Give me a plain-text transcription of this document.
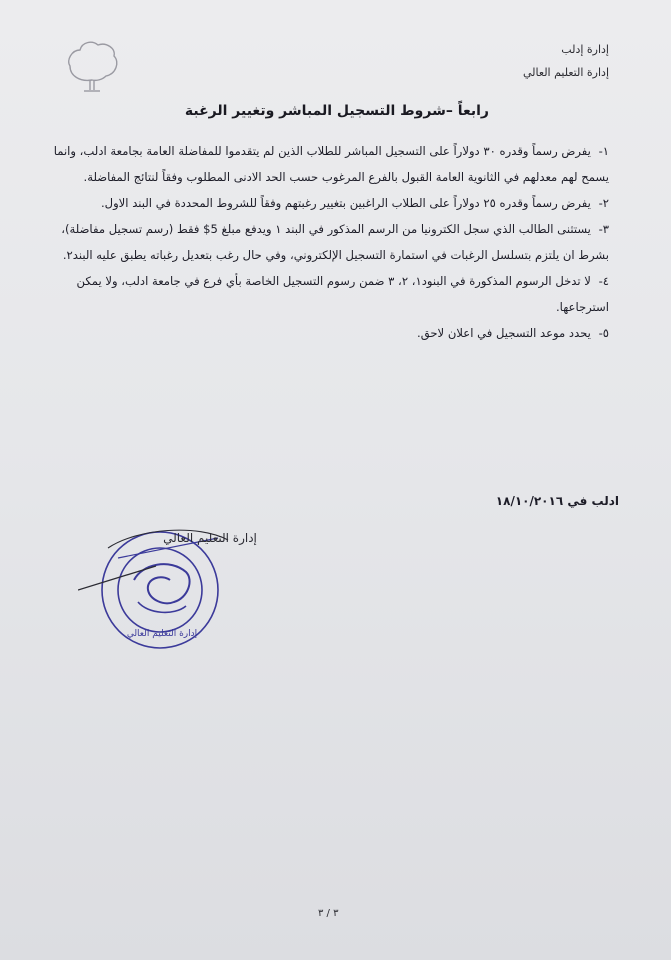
إدارة إدلب
إدارة التعليم العالي
رابعاً –شروط التسجيل المباشر وتغيير الرغبة

١- يفرض رسماً وقدره ٣٠ دولاراً على التسجيل المباشر للطلاب الذين لم يتقدموا للمفاضلة العامة بجامعة ادلب، وانما يسمح لهم معدلهم في الثانوية العامة القبول بالفرع المرغوب حسب الحد الادنى المطلوب وفقاً لنتائج المفاضلة.

٢- يفرض رسماً وقدره ٢٥ دولاراً على الطلاب الراغبين بتغيير رغبتهم وفقاً للشروط المحددة في البند الاول.

٣- يستثنى الطالب الذي سجل الكترونيا من الرسم المذكور في البند ١ ويدفع مبلغ 5$ فقط (رسم تسجيل مفاضلة)، بشرط ان يلتزم بتسلسل الرغبات في استمارة التسجيل الإلكتروني، وفي حال رغب بتعديل رغباته يطبق عليه البند٢.

٤- لا تدخل الرسوم المذكورة في البنود١، ٢، ٣ ضمن رسوم التسجيل الخاصة بأي فرع في جامعة ادلب، ولا يمكن استرجاعها.

٥- يحدد موعد التسجيل في اعلان لاحق.

ادلب في ١٨/١٠/٢٠١٦
إدارة التعليم العالي
إدارة التعليم العالي
٣ / ٣
